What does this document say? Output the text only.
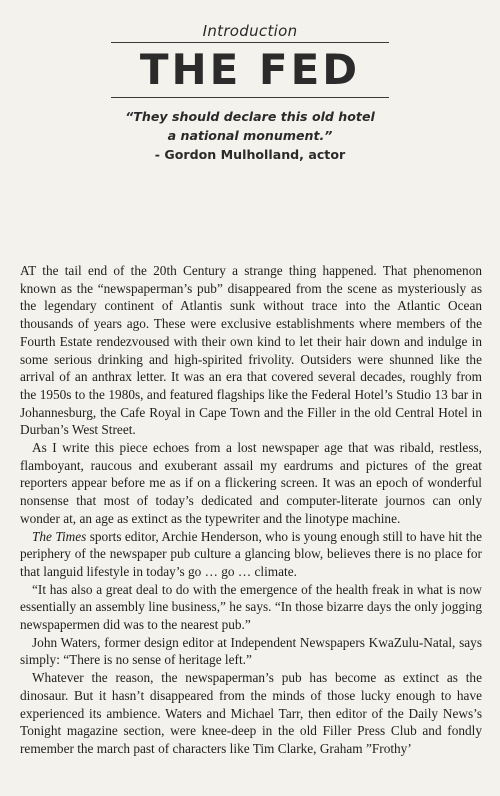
Introduction
THE FED
“They should declare this old hotel
a national monument.”
- Gordon Mulholland, actor

AT the tail end of the 20th Century a strange thing happened. That phenomenon known as the “newspaperman’s pub” disappeared from the scene as mysteriously as the legendary continent of Atlantis sunk without trace into the Atlantic Ocean thousands of years ago. These were exclusive establishments where members of the Fourth Estate rendezvoused with their own kind to let their hair down and indulge in some serious drinking and high-spirited frivolity. Outsiders were shunned like the arrival of an anthrax letter. It was an era that covered several decades, roughly from the 1950s to the 1980s, and featured flagships like the Federal Hotel’s Studio 13 bar in Johannesburg, the Cafe Royal in Cape Town and the Filler in the old Central Hotel in Durban’s West Street.

As I write this piece echoes from a lost newspaper age that was ribald, restless, flamboyant, raucous and exuberant assail my eardrums and pictures of the great reporters appear before me as if on a flickering screen. It was an epoch of wonderful nonsense that most of today’s dedicated and computer-literate journos can only wonder at, an age as extinct as the typewriter and the linotype machine.

The Times sports editor, Archie Henderson, who is young enough still to have hit the periphery of the newspaper pub culture a glancing blow, believes there is no place for that languid lifestyle in today’s go … go … climate.

“It has also a great deal to do with the emergence of the health freak in what is now essentially an assembly line business,” he says. “In those bizarre days the only jogging newspapermen did was to the nearest pub.”

John Waters, former design editor at Independent Newspapers KwaZulu-Natal, says simply: “There is no sense of heritage left.”

Whatever the reason, the newspaperman’s pub has become as extinct as the dinosaur. But it hasn’t disappeared from the minds of those lucky enough to have experienced its ambience. Waters and Michael Tarr, then editor of the Daily News’s Tonight magazine section, were knee-deep in the old Filler Press Club and fondly remember the march past of characters like Tim Clarke, Graham ”Frothy’
